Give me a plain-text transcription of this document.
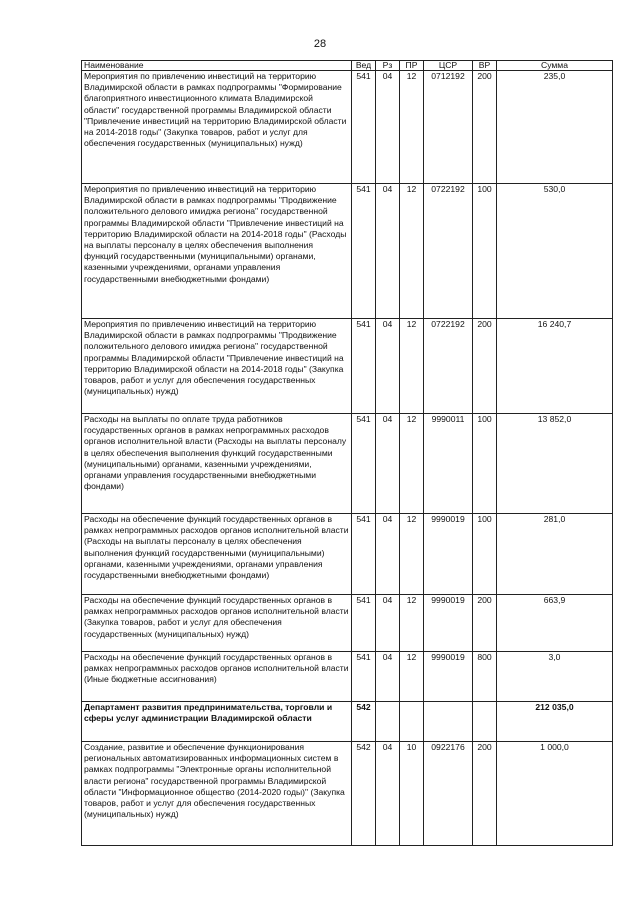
28
Наименование	Вед	Рз	ПР	ЦСР	ВР	Сумма
Мероприятия по привлечению инвестиций на территорию Владимирской области в рамках подпрограммы "Формирование благоприятного инвестиционного климата Владимирской области" государственной программы Владимирской области "Привлечение инвестиций на территорию Владимирской области на 2014-2018 годы" (Закупка товаров, работ и услуг для обеспечения государственных (муниципальных) нужд)	541	04	12	0712192	200	235,0
Мероприятия по привлечению инвестиций на территорию Владимирской области в рамках подпрограммы "Продвижение положительного делового имиджа региона" государственной программы Владимирской области "Привлечение инвестиций на территорию Владимирской области на 2014-2018 годы" (Расходы на выплаты персоналу в целях обеспечения выполнения функций государственными (муниципальными) органами, казенными учреждениями, органами управления государственными внебюджетными фондами)	541	04	12	0722192	100	530,0
Мероприятия по привлечению инвестиций на территорию Владимирской области в рамках подпрограммы "Продвижение положительного делового имиджа региона" государственной программы Владимирской области "Привлечение инвестиций на территорию Владимирской области на 2014-2018 годы" (Закупка товаров, работ и услуг для обеспечения государственных (муниципальных) нужд)	541	04	12	0722192	200	16 240,7
Расходы на выплаты по оплате труда работников государственных органов в рамках непрограммных расходов органов исполнительной власти (Расходы на выплаты персоналу в целях обеспечения выполнения функций государственными (муниципальными) органами, казенными учреждениями, органами управления государственными внебюджетными фондами)	541	04	12	9990011	100	13 852,0
Расходы на обеспечение функций государственных органов в рамках непрограммных расходов органов исполнительной власти (Расходы на выплаты персоналу в целях обеспечения выполнения функций государственными (муниципальными) органами, казенными учреждениями, органами управления государственными внебюджетными фондами)	541	04	12	9990019	100	281,0
Расходы на обеспечение функций государственных органов в рамках непрограммных расходов органов исполнительной власти (Закупка товаров, работ и услуг для обеспечения государственных (муниципальных) нужд)	541	04	12	9990019	200	663,9
Расходы на обеспечение функций государственных органов в рамках непрограммных расходов органов исполнительной власти (Иные бюджетные ассигнования)	541	04	12	9990019	800	3,0
Департамент развития предпринимательства, торговли и сферы услуг администрации Владимирской области	542					212 035,0
Создание, развитие и обеспечение функционирования региональных автоматизированных информационных систем в рамках подпрограммы "Электронные органы исполнительной власти региона" государственной программы Владимирской области "Информационное общество (2014-2020 годы)" (Закупка товаров, работ и услуг для обеспечения государственных (муниципальных) нужд)	542	04	10	0922176	200	1 000,0
